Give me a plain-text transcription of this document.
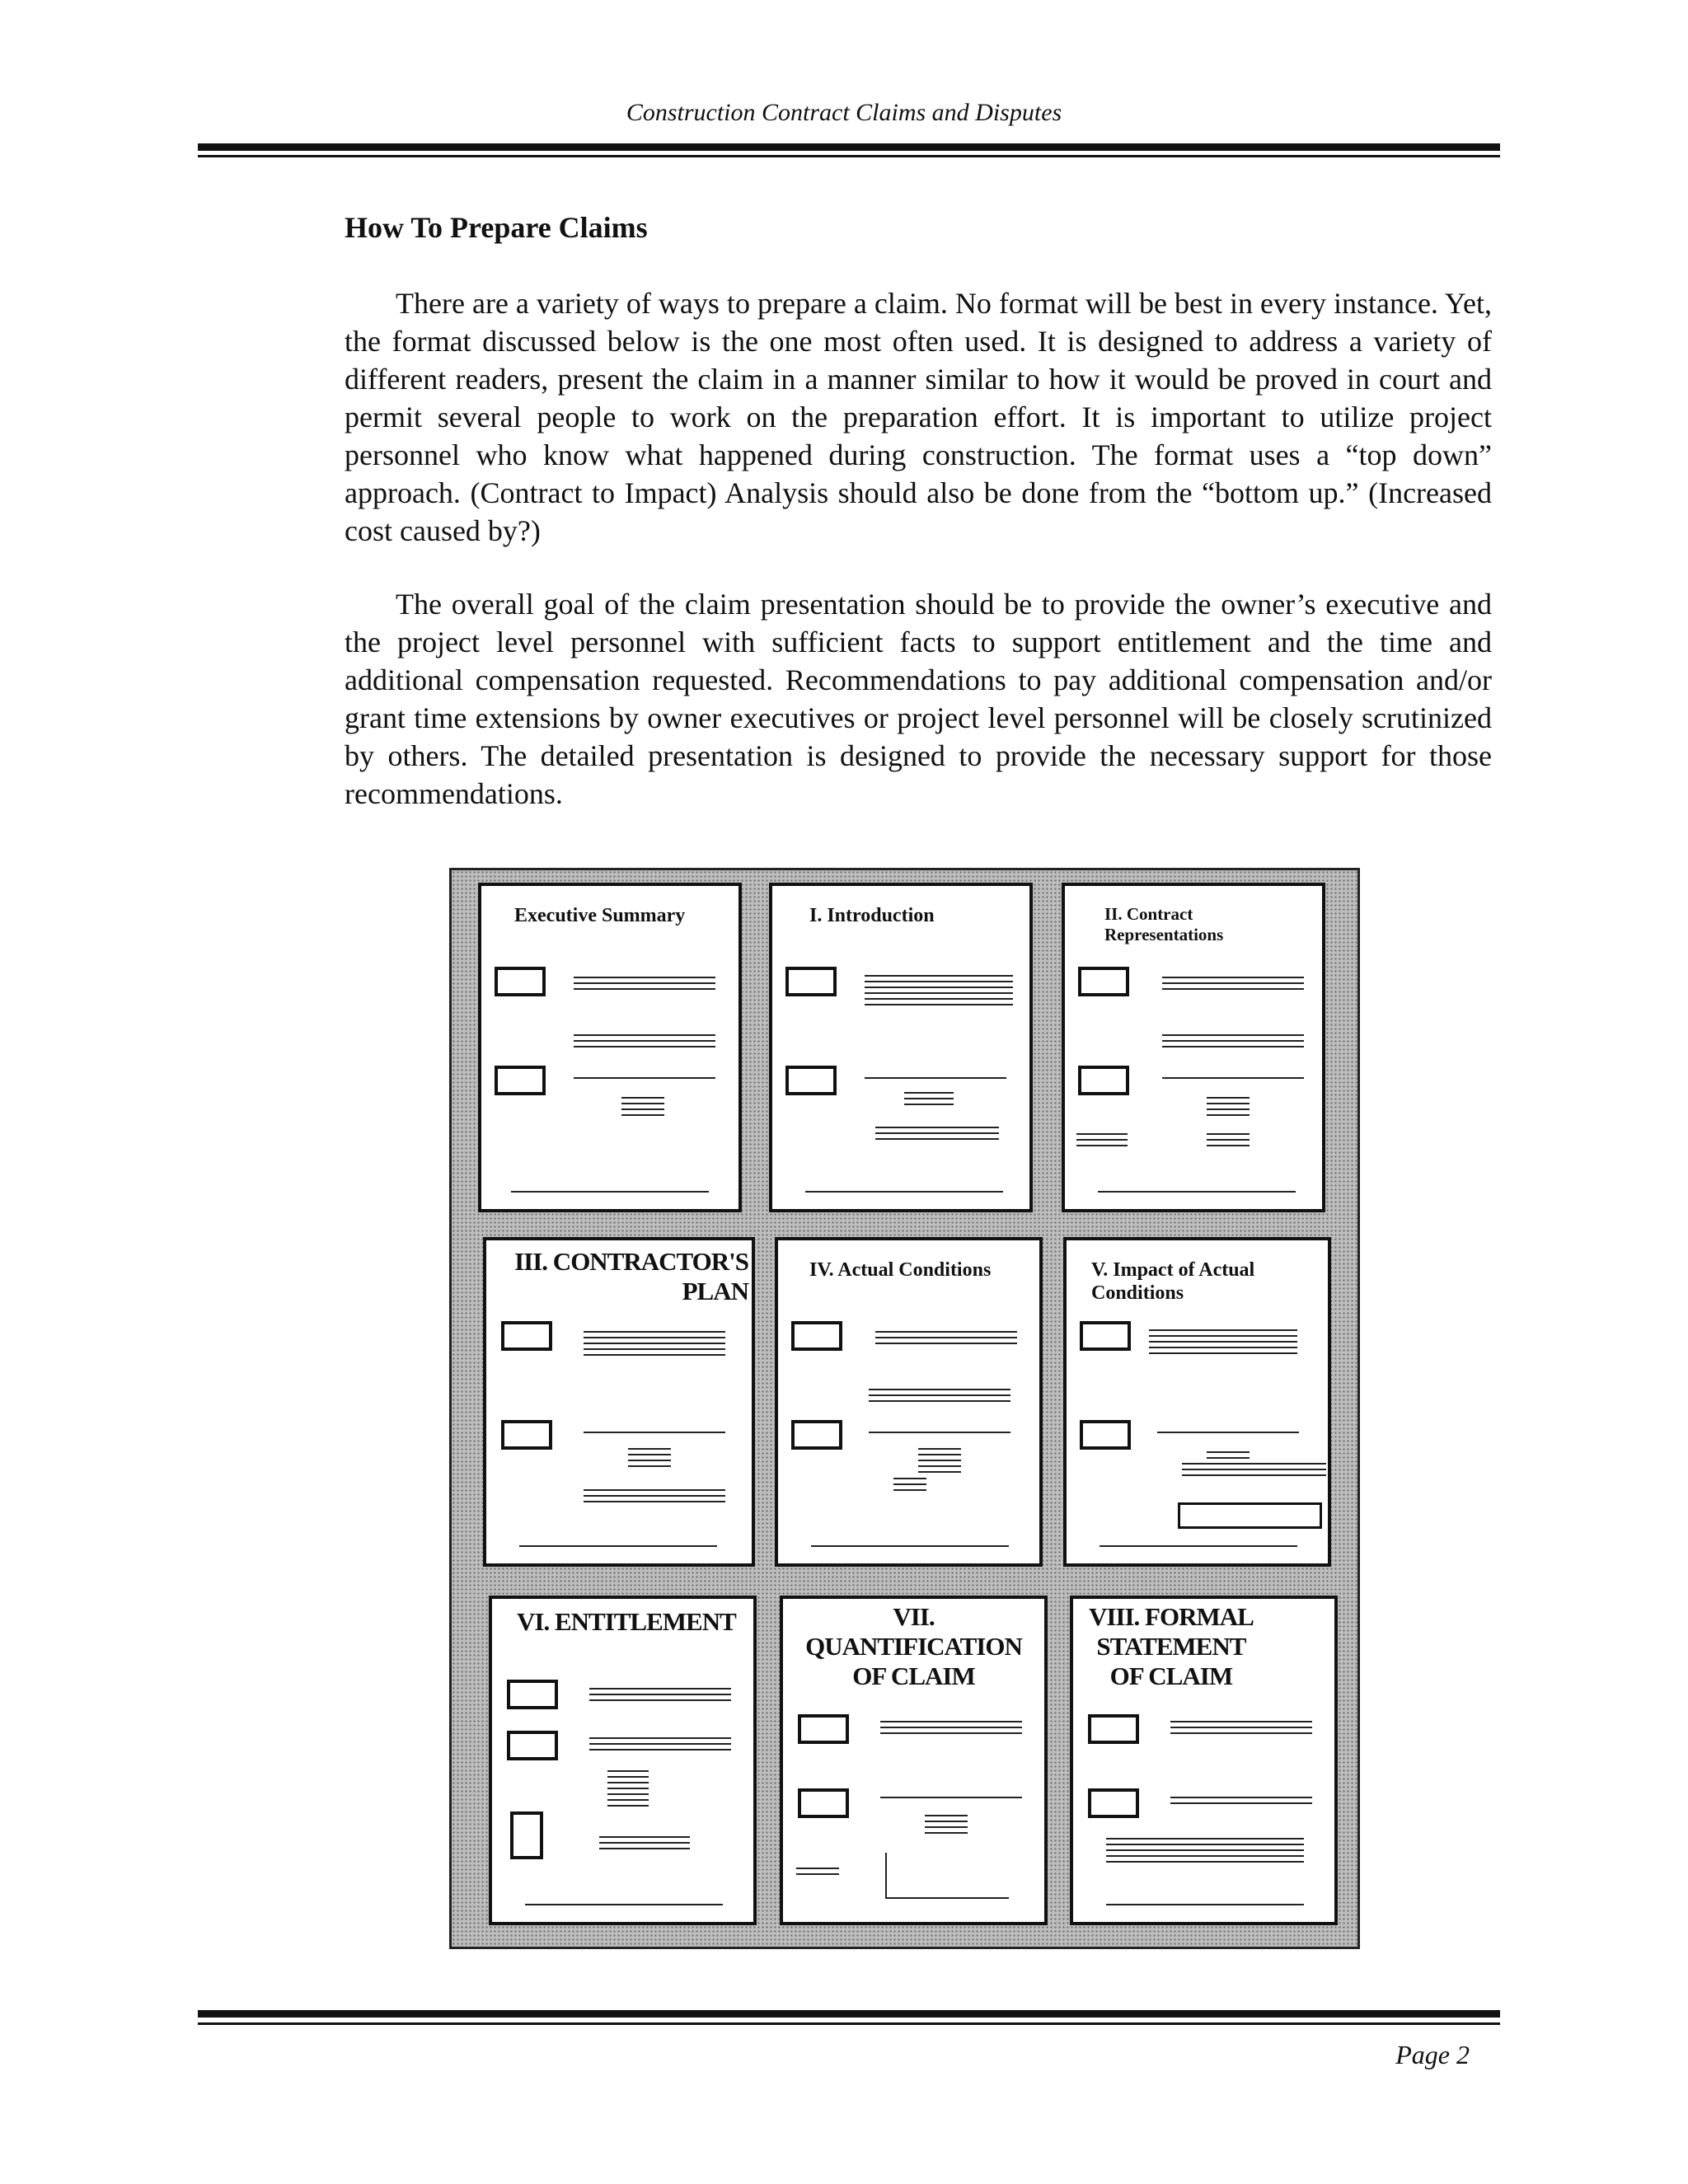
Construction Contract Claims and Disputes
How To Prepare Claims

There are a variety of ways to prepare a claim. No format will be best in every instance. Yet, the format discussed below is the one most often used. It is designed to address a variety of different readers, present the claim in a manner similar to how it would be proved in court and permit several people to work on the preparation effort. It is important to utilize project personnel who know what happened during construction. The format uses a “top down” approach. (Contract to Impact) Analysis should also be done from the “bottom up.” (Increased cost caused by?)

The overall goal of the claim presentation should be to provide the owner’s executive and the project level personnel with sufficient facts to support entitlement and the time and additional compensation requested. Recommendations to pay additional compensation and/or grant time extensions by owner executives or project level personnel will be closely scrutinized by others. The detailed presentation is designed to provide the necessary support for those recommendations.

Executive Summary	I. Introduction	II. Contract
Representations
III. CONTRACTOR'S
PLAN
IV. Actual Conditions	V. Impact of Actual
Conditions
VI. ENTITLEMENT	VII.
QUANTIFICATION
OF CLAIM
VIII. FORMAL
STATEMENT
OF CLAIM
Page 2
